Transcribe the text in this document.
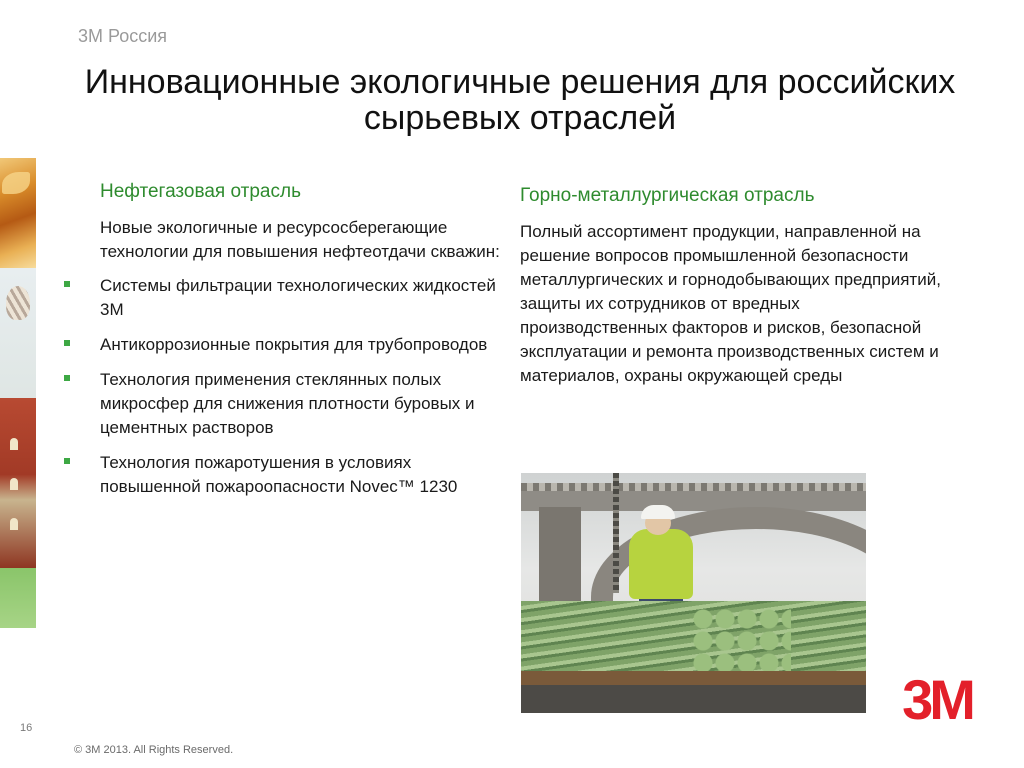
3M Россия
Инновационные экологичные решения для российских
сырьевых отраслей
Нефтегазовая отрасль

Новые экологичные и ресурсосберегающие технологии для повышения нефтеотдачи скважин:

Системы фильтрации технологических жидкостей 3М
Антикоррозионные покрытия для трубопроводов
Технология применения стеклянных полых микросфер для снижения плотности буровых и цементных растворов
Технология пожаротушения в условиях повышенной пожароопасности Novec™ 1230
Горно-металлургическая отрасль

Полный ассортимент продукции, направленной на решение вопросов промышленной безопасности металлургических и горнодобывающих предприятий, защиты их сотрудников от вредных производственных факторов и рисков, безопасной эксплуатации и ремонта производственных систем и материалов, охраны окружающей среды

3M
16
© 3M 2013. All Rights Reserved.
